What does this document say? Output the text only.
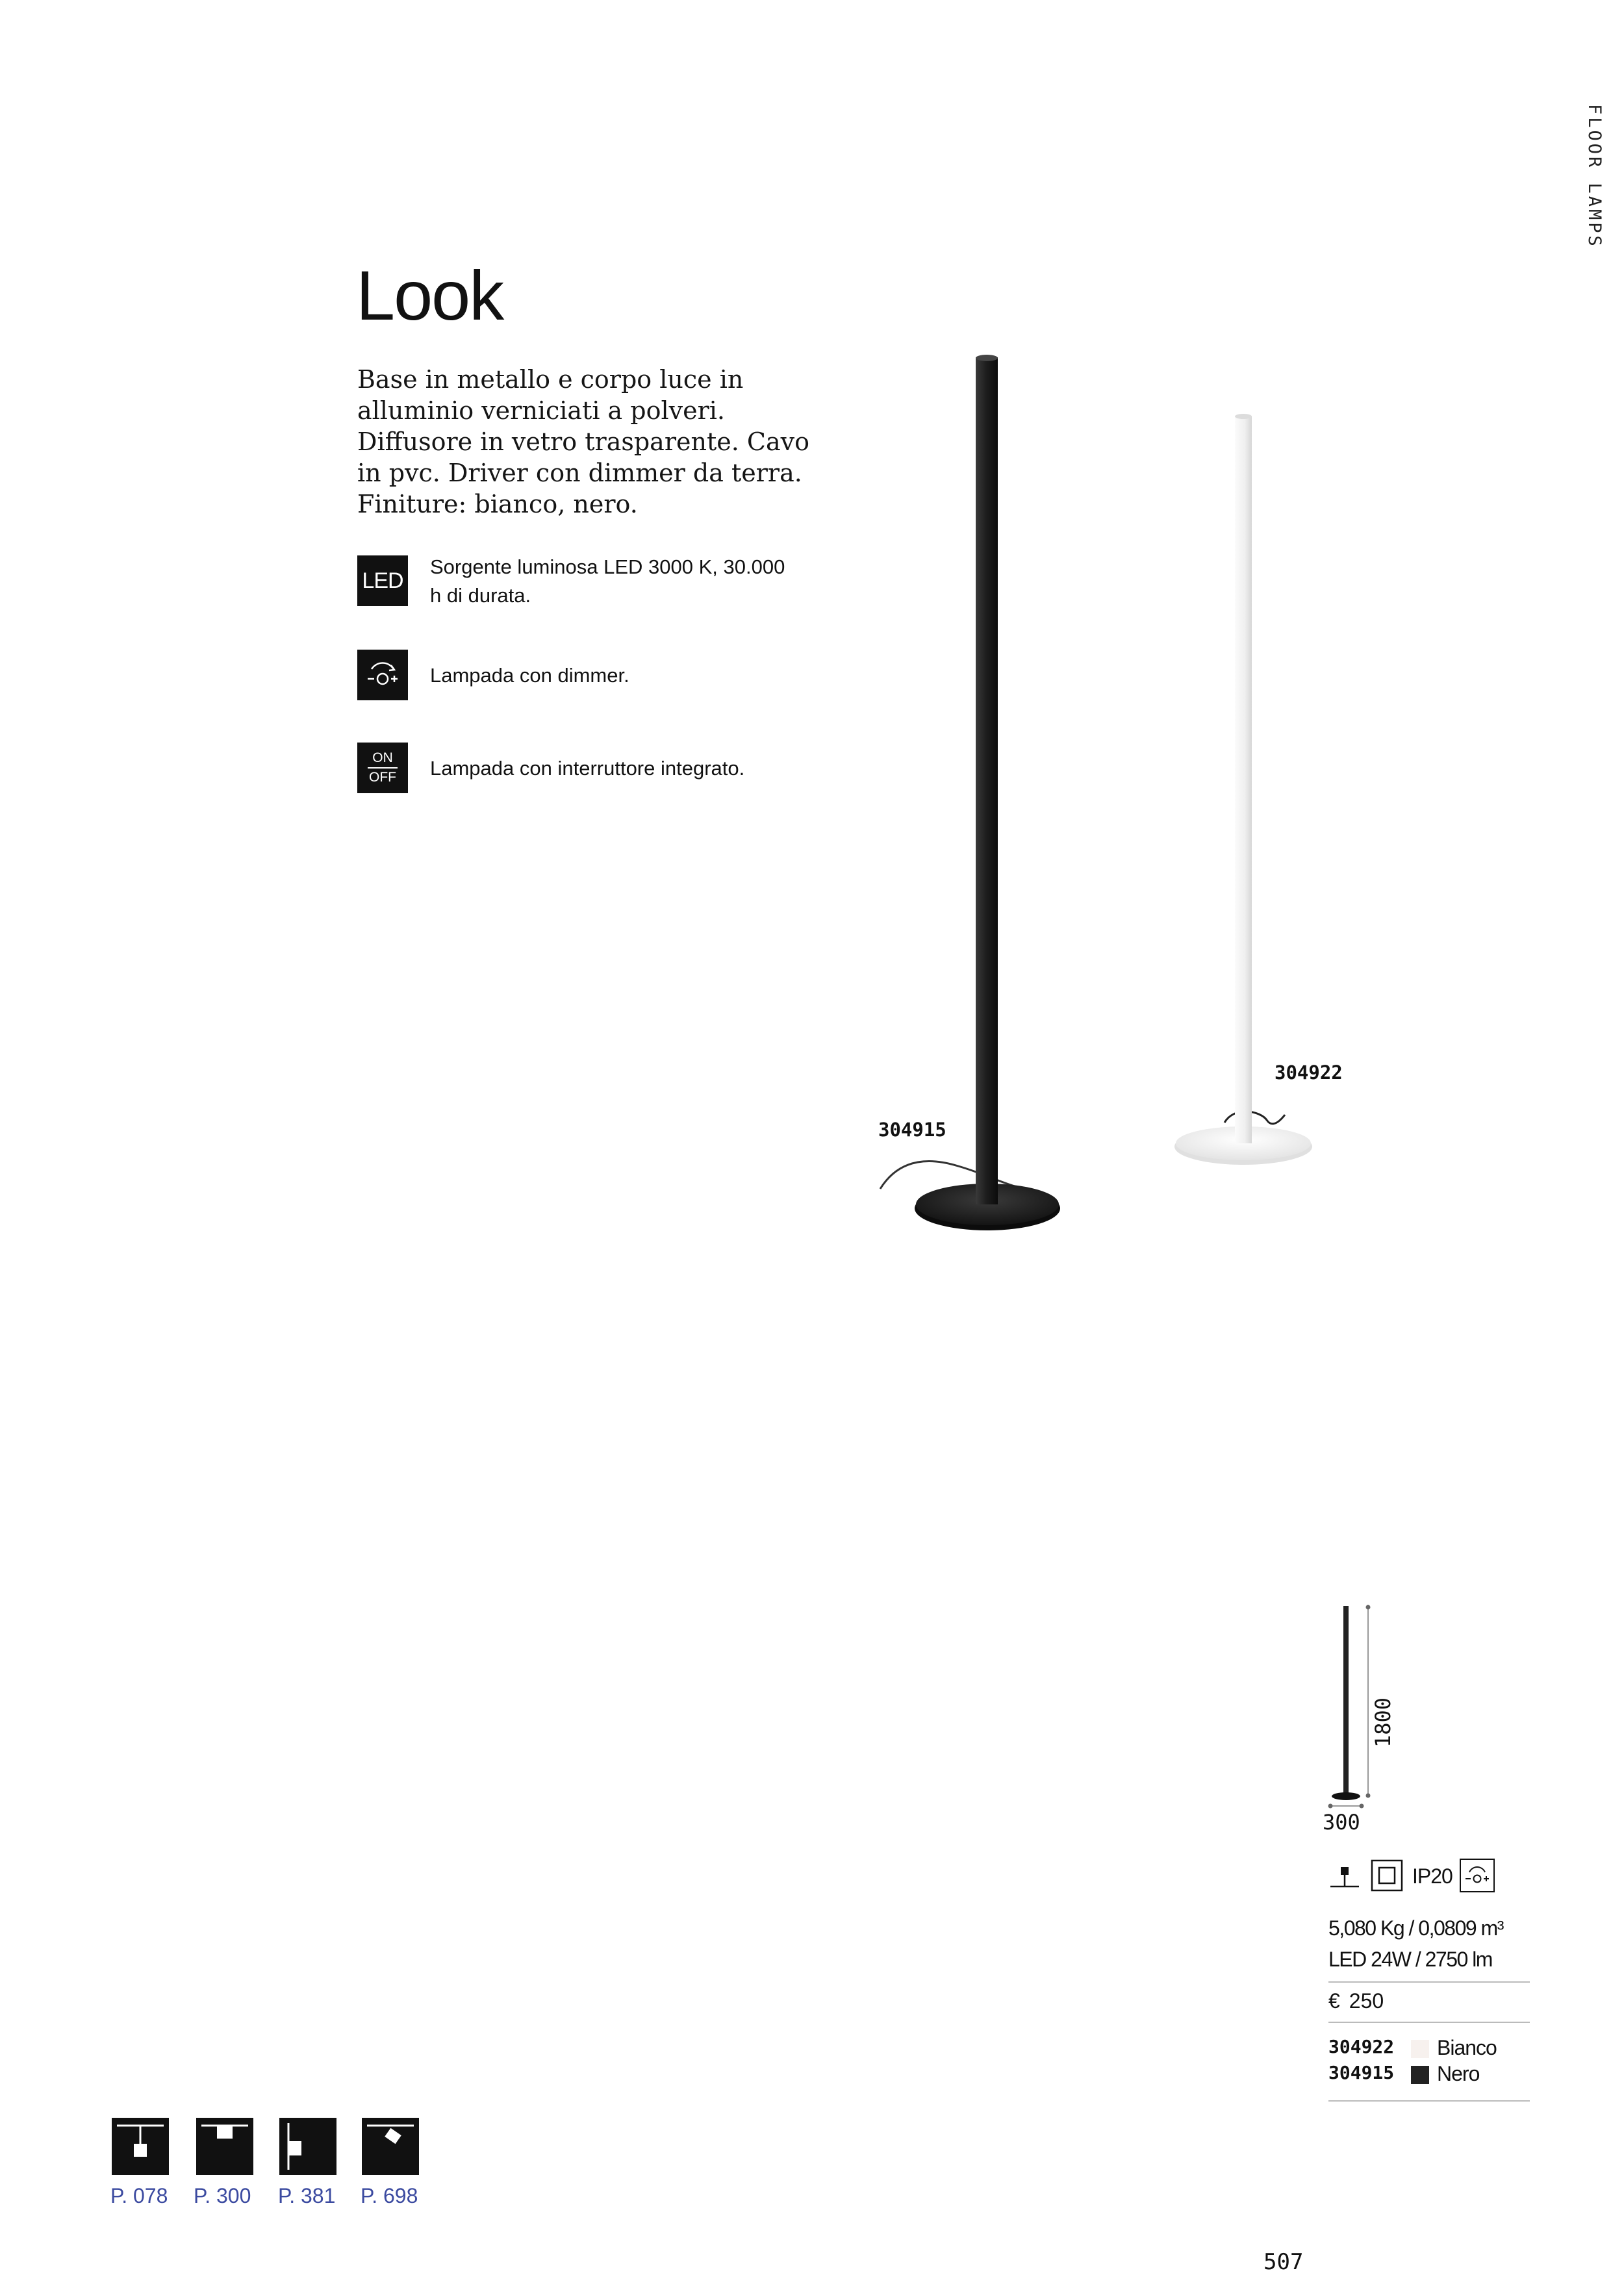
FLOOR LAMPS
Look
Base in metallo e corpo luce in alluminio verniciati a polveri. Diffusore in vetro trasparente. Cavo in pvc. Driver con dimmer da terra. Finiture: bianco, nero.
LED
Sorgente luminosa LED 3000 K, 30.000 h di durata.
Lampada con dimmer.
ON
OFF Lampada con interruttore integrato.
304922
304915
1800
300
IP20
5,080 Kg / 0,0809 m³
LED 24W / 2750 lm
€ 250
304922 Bianco
304915 Nero
P. 078 P. 300 P. 381 P. 698
507
